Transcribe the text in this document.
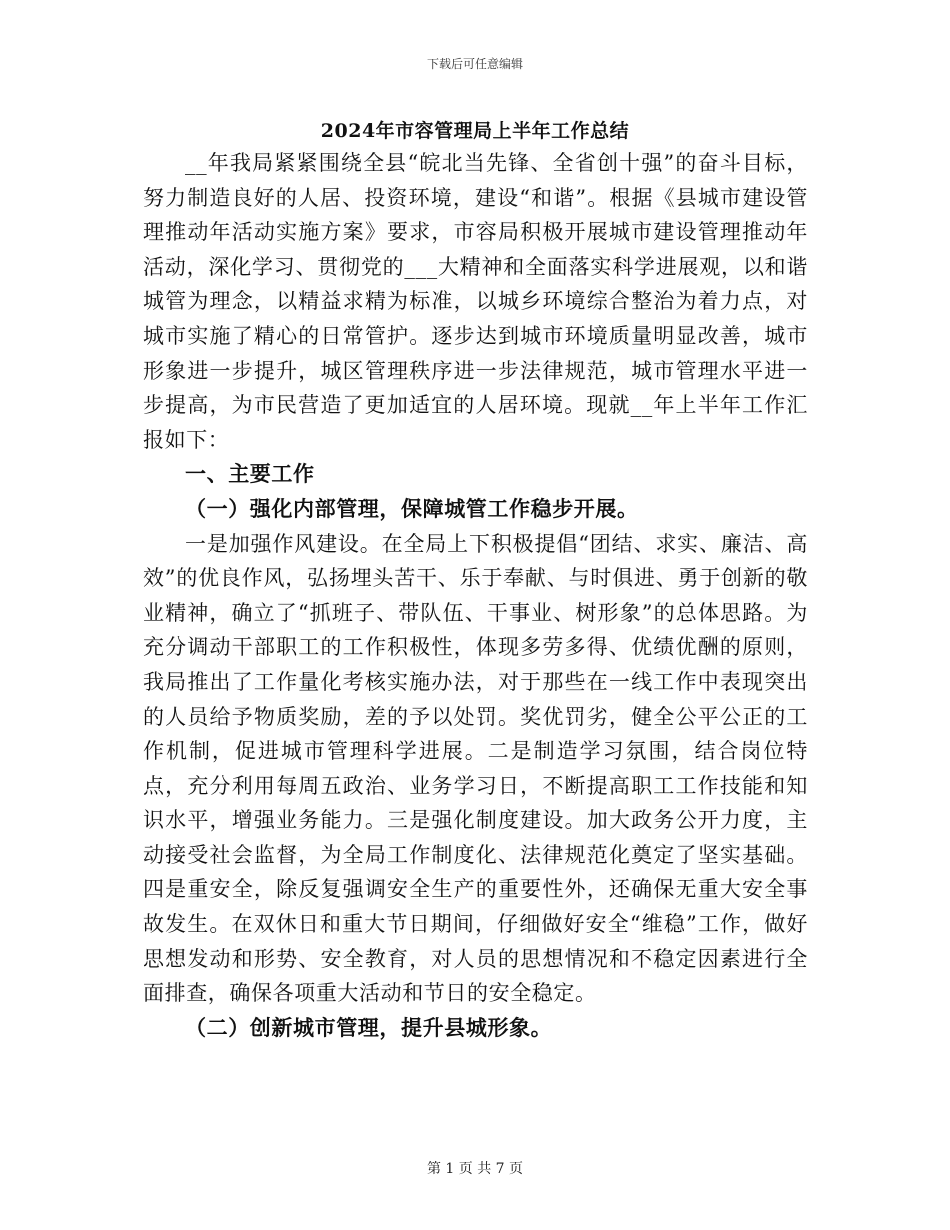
下载后可任意编辑
2024年市容管理局上半年工作总结

__年我局紧紧围绕全县“皖北当先锋、全省创十强”的奋斗目标，努力制造良好的人居、投资环境，建设“和谐”。根据《县城市建设管理推动年活动实施方案》要求，市容局积极开展城市建设管理推动年活动，深化学习、贯彻党的___大精神和全面落实科学进展观，以和谐城管为理念，以精益求精为标准，以城乡环境综合整治为着力点，对城市实施了精心的日常管护。逐步达到城市环境质量明显改善，城市形象进一步提升，城区管理秩序进一步法律规范，城市管理水平进一步提高，为市民营造了更加适宜的人居环境。现就__年上半年工作汇报如下：

一、主要工作

（一）强化内部管理，保障城管工作稳步开展。

一是加强作风建设。在全局上下积极提倡“团结、求实、廉洁、高效”的优良作风，弘扬埋头苦干、乐于奉献、与时俱进、勇于创新的敬业精神，确立了“抓班子、带队伍、干事业、树形象”的总体思路。为充分调动干部职工的工作积极性，体现多劳多得、优绩优酬的原则，我局推出了工作量化考核实施办法，对于那些在一线工作中表现突出的人员给予物质奖励，差的予以处罚。奖优罚劣，健全公平公正的工作机制，促进城市管理科学进展。二是制造学习氛围，结合岗位特点，充分利用每周五政治、业务学习日，不断提高职工工作技能和知识水平，增强业务能力。三是强化制度建设。加大政务公开力度，主动接受社会监督，为全局工作制度化、法律规范化奠定了坚实基础。四是重安全，除反复强调安全生产的重要性外，还确保无重大安全事故发生。在双休日和重大节日期间，仔细做好安全“维稳”工作，做好思想发动和形势、安全教育，对人员的思想情况和不稳定因素进行全面排查，确保各项重大活动和节日的安全稳定。

（二）创新城市管理，提升县城形象。

第 1 页 共 7 页
